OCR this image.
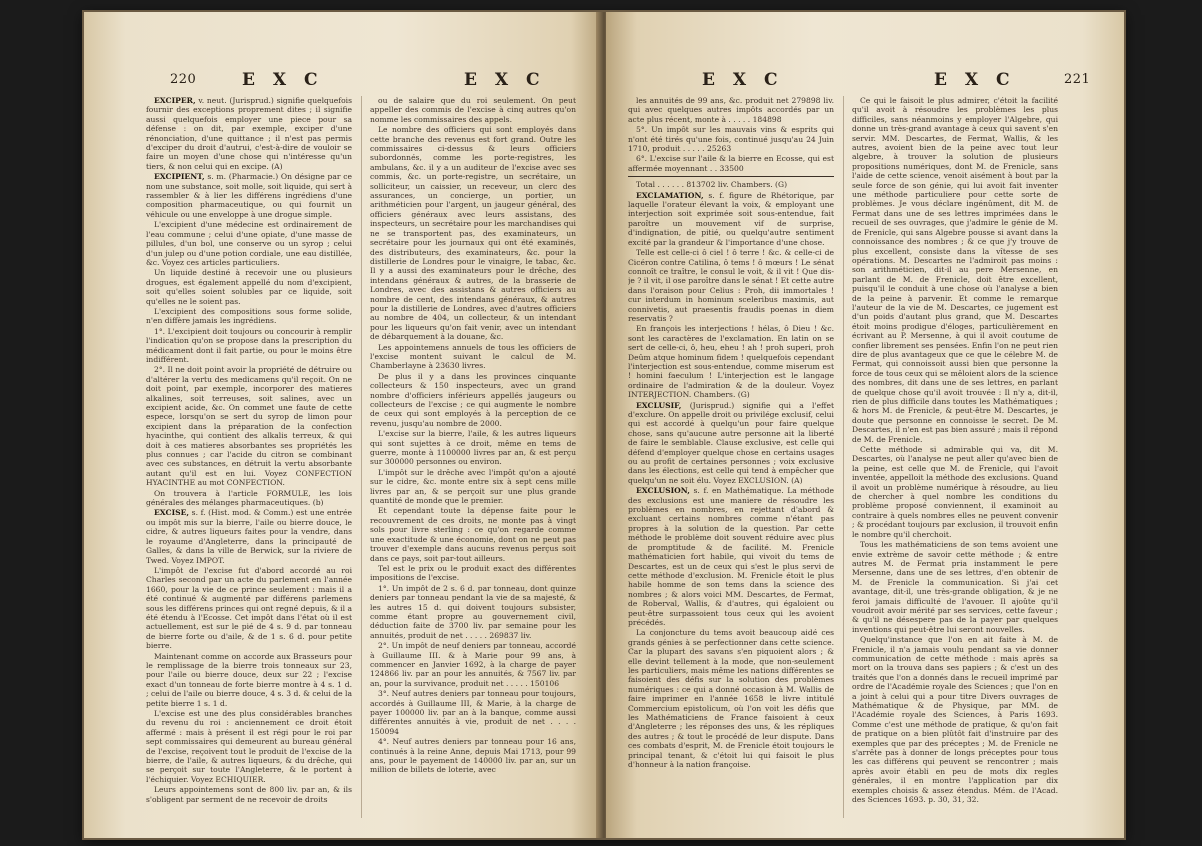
220	E X C	E X C

EXCIPER, v. neut. (Jurisprud.) signifie quelquefois fournir des exceptions proprement dites ; il signifie aussi quelquefois employer une piece pour sa défense : on dit, par exemple, exciper d'une rénonciation, d'une quittance ; il n'est pas permis d'exciper du droit d'autrui, c'est-à-dire de vouloir se faire un moyen d'une chose qui n'intéresse qu'un tiers, & non celui qui en excipe. (A)

EXCIPIENT, s. m. (Pharmacie.) On désigne par ce nom une substance, soit molle, soit liquide, qui sert à rassembler & à lier les différens ingrédiens d'une composition pharmaceutique, ou qui fournit un véhicule ou une enveloppe à une drogue simple.

L'excipient d'une médecine est ordinairement de l'eau commune ; celui d'une opiate, d'une masse de pillules, d'un bol, une conserve ou un syrop ; celui d'un julep ou d'une potion cordiale, une eau distillée, &c. Voyez ces articles particuliers.

Un liquide destiné à recevoir une ou plusieurs drogues, est également appellé du nom d'excipient, soit qu'elles soient solubles par ce liquide, soit qu'elles ne le soient pas.

L'excipient des compositions sous forme solide, n'en diffère jamais les ingrédiens.

1°. L'excipient doit toujours ou concourir à remplir l'indication qu'on se propose dans la prescription du médicament dont il fait partie, ou pour le moins être indifférent.

2°. Il ne doit point avoir la propriété de détruire ou d'altérer la vertu des medicamens qu'il reçoit. On ne doit point, par exemple, incorporer des matieres alkalines, soit terreuses, soit salines, avec un excipient acide, &c. On commet une faute de cette espece, lorsqu'on se sert du syrop de limon pour excipient dans la préparation de la confection hyacinthe, qui contient des alkalis terreux, & qui doit à ces matieres absorbantes ses propriétés les plus connues ; car l'acide du citron se combinant avec ces substances, en détruit la vertu absorbante autant qu'il est en lui. Voyez CONFECTION HYACINTHE au mot CONFECTION.

On trouvera à l'article FORMULE, les lois générales des mélanges pharmaceutiques. (b)

EXCISE, s. f. (Hist. mod. & Comm.) est une entrée ou impôt mis sur la bierre, l'aile ou bierre douce, le cidre, & autres liqueurs faites pour la vendre, dans le royaume d'Angleterre, dans la principauté de Galles, & dans la ville de Berwick, sur la riviere de Twed. Voyez IMPOT.

L'impôt de l'excise fut d'abord accordé au roi Charles second par un acte du parlement en l'année 1660, pour la vie de ce prince seulement : mais il a été continué & augmenté par différens parlemens sous les différens princes qui ont regné depuis, & il a été étendu à l'Ecosse. Cet impôt dans l'état où il est actuellement, est sur le pié de 4 s. 9 d. par tonneau de bierre forte ou d'aile, & de 1 s. 6 d. pour petite bierre.

Maintenant comme on accorde aux Brasseurs pour le remplissage de la bierre trois tonneaux sur 23, pour l'aile ou bierre douce, deux sur 22 ; l'excise exact d'un tonneau de forte bierre montre à 4 s. 1 d. ; celui de l'aile ou bierre douce, 4 s. 3 d. & celui de la petite bierre 1 s. 1 d.

L'excise est une des plus considérables branches du revenu du roi : anciennement ce droit étoit affermé : mais à présent il est régi pour le roi par sept commissaires qui demeurent au bureau général de l'excise, reçoivent tout le produit de l'excise de la bierre, de l'aile, & autres liqueurs, & du drêche, qui se perçoit sur toute l'Angleterre, & le portent à l'échiquier. Voyez ECHIQUIER.

Leurs appointemens sont de 800 liv. par an, & ils s'obligent par serment de ne recevoir de droits

ou de salaire que du roi seulement. On peut appeller des commis de l'excise à cinq autres qu'on nomme les commissaires des appels.

Le nombre des officiers qui sont employés dans cette branche des revenus est fort grand. Outre les commissaires ci-dessus & leurs officiers subordonnés, comme les porte-registres, les ambulans, &c. il y a un auditeur de l'excise avec ses commis, &c. un porte-registre, un secrétaire, un solliciteur, un caissier, un receveur, un clerc des assurances, un concierge, un portier, un arithméticien pour l'argent, un jaugeur général, des officiers généraux avec leurs assistans, des inspecteurs, un secrétaire pour les marchandises qui ne se transportent pas, des examinateurs, un secrétaire pour les journaux qui ont été examinés, des distributeurs, des examinateurs, &c. pour la distillerie de Londres pour le vinaigre, le tabac, &c. Il y a aussi des examinateurs pour le drêche, des intendans généraux & autres, de la brasserie de Londres, avec des assistans & autres officiers au nombre de cent, des intendans généraux, & autres pour la distillerie de Londres, avec d'autres officiers au nombre de 404, un collecteur, & un intendant pour les liqueurs qu'on fait venir, avec un intendant de débarquement à la douane, &c.

Les appointemens annuels de tous les officiers de l'excise montent suivant le calcul de M. Chamberlayne à 23630 livres.

De plus il y a dans les provinces cinquante collecteurs & 150 inspecteurs, avec un grand nombre d'officiers inférieurs appellés jaugeurs ou collecteurs de l'excise ; ce qui augmente le nombre de ceux qui sont employés à la perception de ce revenu, jusqu'au nombre de 2000.

L'excise sur la bierre, l'aile, & les autres liqueurs qui sont sujettes à ce droit, même en tems de guerre, monte à 1100000 livres par an, & est perçu sur 300000 personnes ou environ.

L'impôt sur le drêche avec l'impôt qu'on a ajouté sur le cidre, &c. monte entre six à sept cens mille livres par an, & se perçoit sur une plus grande quantité de monde que le premier.

Et cependant toute la dépense faite pour le recouvrement de ces droits, ne monte pas à vingt sols pour livre sterling : ce qu'on regarde comme une exactitude & une économie, dont on ne peut pas trouver d'exemple dans aucuns revenus perçus soit dans ce pays, soit par-tout ailleurs.

Tel est le prix ou le produit exact des différentes impositions de l'excise.

1°. Un impôt de 2 s. 6 d. par tonneau, dont quinze deniers par tonneau pendant la vie de sa majesté, & les autres 15 d. qui doivent toujours subsister, comme étant propre au gouvernement civil, déduction faite de 3700 liv. par semaine pour les annuités, produit de net . . . . . 269837 liv.

2°. Un impôt de neuf deniers par tonneau, accordé à Guillaume III. & à Marie pour 99 ans, à commencer en Janvier 1692, à la charge de payer 124866 liv. par an pour les annuités, & 7567 liv. par an, pour la survivance, produit net . . . . . 150106

3°. Neuf autres deniers par tonneau pour toujours, accordés à Guillaume III, & Marie, à la charge de payer 100000 liv. par an à la banque, comme aussi différentes annuités à vie, produit de net . . . . 150094

4°. Neuf autres deniers par tonneau pour 16 ans, continués à la reine Anne, depuis Mai 1713, pour 99 ans, pour le payement de 140000 liv. par an, sur un million de billets de loterie, avec

E X C	E X C	221

les annuités de 99 ans, &c. produit net 279898 liv. qui avec quelques autres impôts accordés par un acte plus récent, monte à . . . . . 184898

5°. Un impôt sur les mauvais vins & esprits qui n'ont été tirés qu'une fois, continué jusqu'au 24 Juin 1710, produit . . . . . 25263

6°. L'excise sur l'aile & la bierre en Ecosse, qui est affermée moyennant . . 33500

Total . . . . . . 813702 liv. Chambers. (G)

EXCLAMATION, s. f. figure de Rhétorique, par laquelle l'orateur élevant la voix, & employant une interjection soit exprimée soit sous-entendue, fait paroître un mouvement vif de surprise, d'indignation, de pitié, ou quelqu'autre sentiment excité par la grandeur & l'importance d'une chose.

Telle est celle-ci ô ciel ! ô terre ! &c. & celle-ci de Cicéron contre Catilina, ô tems ! ô mœurs ! Le sénat connoît ce traître, le consul le voit, & il vit ! Que dis-je ? il vit, il ose paroître dans le sénat ! Et cette autre dans l'oraison pour Celius : Proh, dii immortales ! cur interdum in hominum sceleribus maximis, aut connivetis, aut praesentis fraudis poenas in diem reservatis ?

En françois les interjections ! hélas, ô Dieu ! &c. sont les caractères de l'exclamation. En latin on se sert de celle-ci, ô, heu, eheu ! ah ! proh superi, proh Deûm atque hominum fidem ! quelquefois cependant l'interjection est sous-entendue, comme miserum est ! homini faeculum ! L'interjection est le langage ordinaire de l'admiration & de la douleur. Voyez INTERJECTION. Chambers. (G)

EXCLUSIF, (Jurisprud.) signifie qui a l'effet d'exclure. On appelle droit ou privilége exclusif, celui qui est accordé à quelqu'un pour faire quelque chose, sans qu'aucune autre personne ait la liberté de faire le semblable. Clause exclusive, est celle qui défend d'employer quelque chose en certains usages ou au profit de certaines personnes ; voix exclusive dans les élections, est celle qui tend à empêcher que quelqu'un ne soit élu. Voyez EXCLUSION. (A)

EXCLUSION, s. f. en Mathématique. La méthode des exclusions est une maniere de résoudre les problèmes en nombres, en rejettant d'abord & excluant certains nombres comme n'étant pas propres à la solution de la question. Par cette méthode le problème doit souvent réduire avec plus de promptitude & de facilité. M. Frenicle mathématicien fort habile, qui vivoit du tems de Descartes, est un de ceux qui s'est le plus servi de cette méthode d'exclusion. M. Frenicle étoit le plus habile homme de son tems dans la science des nombres ; & alors voici MM. Descartes, de Fermat, de Roberval, Wallis, & d'autres, qui égaloient ou peut-être surpassoient tous ceux qui les avoient précédés.

La conjoncture du tems avoit beaucoup aidé ces grands génies à se perfectionner dans cette science. Car la plupart des savans s'en piquoient alors ; & elle devint tellement à la mode, que non-seulement les particuliers, mais même les nations différentes se faisoient des défis sur la solution des problèmes numériques : ce qui a donné occasion à M. Wallis de faire imprimer en l'année 1658 le livre intitulé Commercium epistolicum, où l'on voit les défis que les Mathématiciens de France faisoient à ceux d'Angleterre ; les réponses des uns, & les répliques des autres ; & tout le procédé de leur dispute. Dans ces combats d'esprit, M. de Frenicle étoit toujours le principal tenant, & c'étoit lui qui faisoit le plus d'honneur à la nation françoise.

Ce qui le faisoit le plus admirer, c'étoit la facilité qu'il avoit à résoudre les problèmes les plus difficiles, sans néanmoins y employer l'Algebre, qui donne un très-grand avantage à ceux qui savent s'en servir. MM. Descartes, de Fermat, Wallis, & les autres, avoient bien de la peine avec tout leur algebre, à trouver la solution de plusieurs propositions numériques, dont M. de Frenicle, sans l'aide de cette science, venoit aisément à bout par la seule force de son génie, qui lui avoit fait inventer une méthode particuliere pour cette sorte de problèmes. Je vous déclare ingénûment, dit M. de Fermat dans une de ses lettres imprimées dans le recueil de ses ouvrages, que j'admire le génie de M. de Frenicle, qui sans Algebre pousse si avant dans la connoissance des nombres ; & ce que j'y trouve de plus excellent, consiste dans la vîtesse de ses opérations. M. Descartes ne l'admiroit pas moins : son arithméticien, dit-il au pere Mersenne, en parlant de M. de Frenicle, doit être excellent, puisqu'il le conduit à une chose où l'analyse a bien de la peine à parvenir. Et comme le remarque l'auteur de la vie de M. Descartes, ce jugement est d'un poids d'autant plus grand, que M. Descartes étoit moins prodigue d'éloges, particulièrement en écrivant au P. Mersenne, à qui il avoit coutume de confier librement ses pensées. Enfin l'on ne peut rien dire de plus avantageux que ce que le célebre M. de Fermat, qui connoissoit aussi bien que personne la force de tous ceux qui se mêloient alors de la science des nombres, dit dans une de ses lettres, en parlant de quelque chose qu'il avoit trouvée : Il n'y a, dit-il, rien de plus difficile dans toutes les Mathématiques ; & hors M. de Frenicle, & peut-être M. Descartes, je doute que personne en connoisse le secret. De M. Descartes, il n'en est pas bien assuré ; mais il répond de M. de Frenicle.

Cette méthode si admirable qui va, dit M. Descartes, où l'analyse ne peut aller qu'avec bien de la peine, est celle que M. de Frenicle, qui l'avoit inventée, appelloit la méthode des exclusions. Quand il avoit un problème numérique à résoudre, au lieu de chercher à quel nombre les conditions du problème proposé conviennent, il examinoit au contraire à quels nombres elles ne peuvent convenir ; & procédant toujours par exclusion, il trouvoit enfin le nombre qu'il cherchoit.

Tous les mathématiciens de son tems avoient une envie extrème de savoir cette méthode ; & entre autres M. de Fermat pria instamment le pere Mersenne, dans une de ses lettres, d'en obtenir de M. de Frenicle la communication. Si j'ai cet avantage, dit-il, une très-grande obligation, & je ne feroi jamais difficulté de l'avouer. Il ajoûte qu'il voudroit avoir mérité par ses services, cette faveur ; & qu'il ne désespere pas de la payer par quelques inventions qui peut-être lui seront nouvelles.

Quelqu'instance que l'on en ait faite à M. de Frenicle, il n'a jamais voulu pendant sa vie donner communication de cette méthode : mais après sa mort on la trouva dans ses papiers ; & c'est un des traités que l'on a donnés dans le recueil imprimé par ordre de l'Académie royale des Sciences ; que l'on en a joint à celui qui a pour titre Divers ouvrages de Mathématique & de Physique, par MM. de l'Académie royale des Sciences, à Paris 1693. Comme c'est une méthode de pratique, & qu'on fait de pratique on a bien plûtôt fait d'instruire par des exemples que par des préceptes ; M. de Frenicle ne s'arrête pas à donner de longs préceptes pour tous les cas différens qui peuvent se rencontrer ; mais après avoir établi en peu de mots dix regles générales, il en montre l'application par dix exemples choisis & assez étendus. Mém. de l'Acad. des Sciences 1693. p. 30, 31, 32.
